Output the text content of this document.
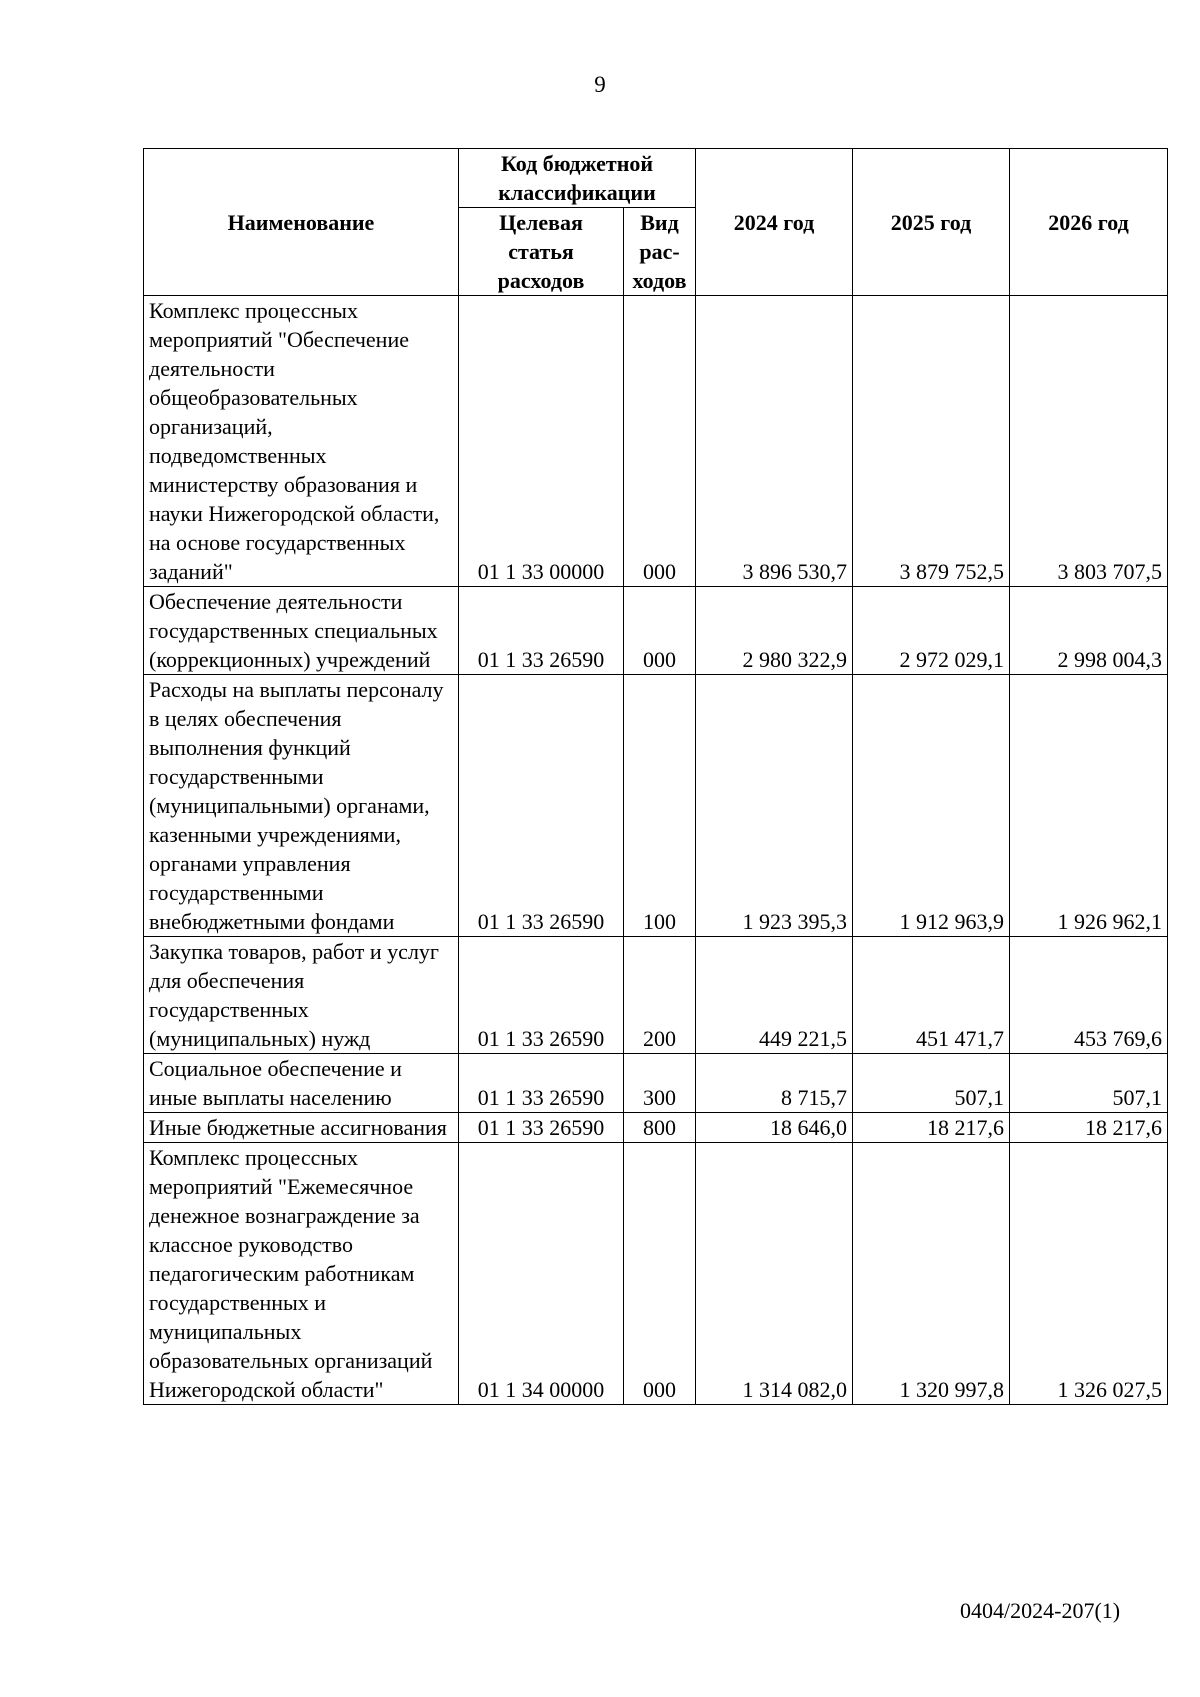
9
Наименование	Код бюджетной классификации		2024 год	2025 год	2026 год
	Целевая статья расходов	Вид рас-ходов			
Комплекс процессных мероприятий "Обеспечение деятельности общеобразовательных организаций, подведомственных министерству образования и науки Нижегородской области, на основе государственных заданий"	01 1 33 00000	000	3 896 530,7	3 879 752,5	3 803 707,5
Обеспечение деятельности государственных специальных (коррекционных) учреждений	01 1 33 26590	000	2 980 322,9	2 972 029,1	2 998 004,3
Расходы на выплаты персоналу в целях обеспечения выполнения функций государственными (муниципальными) органами, казенными учреждениями, органами управления государственными внебюджетными фондами	01 1 33 26590	100	1 923 395,3	1 912 963,9	1 926 962,1
Закупка товаров, работ и услуг для обеспечения государственных (муниципальных) нужд	01 1 33 26590	200	449 221,5	451 471,7	453 769,6
Социальное обеспечение и иные выплаты населению	01 1 33 26590	300	8 715,7	507,1	507,1
Иные бюджетные ассигнования	01 1 33 26590	800	18 646,0	18 217,6	18 217,6
Комплекс процессных мероприятий "Ежемесячное денежное вознаграждение за классное руководство педагогическим работникам государственных и муниципальных образовательных организаций Нижегородской области"	01 1 34 00000	000	1 314 082,0	1 320 997,8	1 326 027,5
0404/2024-207(1)
